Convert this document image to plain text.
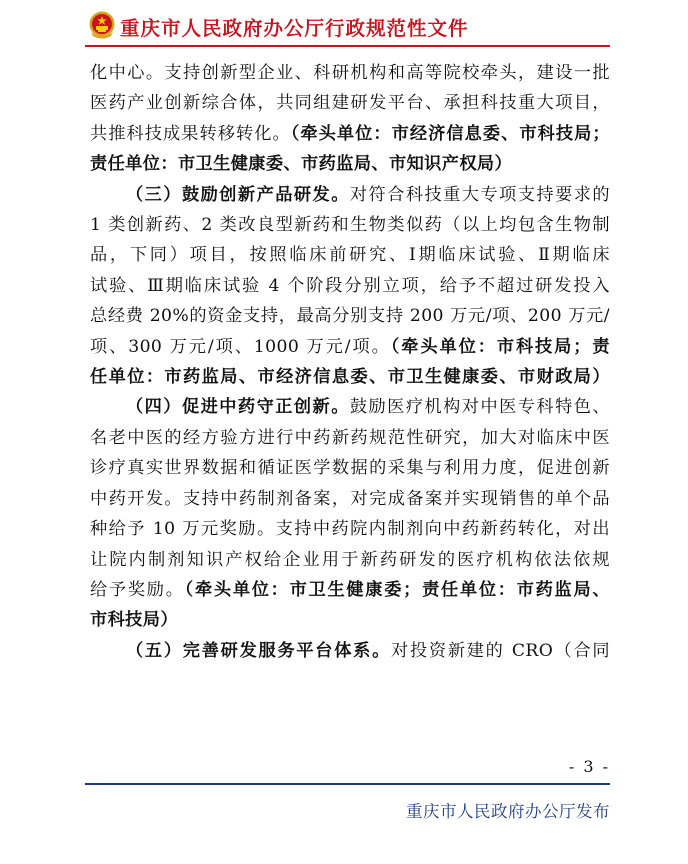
重庆市人民政府办公厅行政规范性文件

化中心。支持创新型企业、科研机构和高等院校牵头，建设一批

医药产业创新综合体，共同组建研发平台、承担科技重大项目，

共推科技成果转移转化。（牵头单位：市经济信息委、市科技局；

责任单位：市卫生健康委、市药监局、市知识产权局）

（三）鼓励创新产品研发。对符合科技重大专项支持要求的

1 类创新药、2 类改良型新药和生物类似药（以上均包含生物制

品，下同）项目，按照临床前研究、Ⅰ期临床试验、Ⅱ期临床

试验、Ⅲ期临床试验 4 个阶段分别立项，给予不超过研发投入

总经费 20%的资金支持，最高分别支持 200 万元/项、200 万元/

项、300 万元/项、1000 万元/项。（牵头单位：市科技局；责

任单位：市药监局、市经济信息委、市卫生健康委、市财政局）

（四）促进中药守正创新。鼓励医疗机构对中医专科特色、

名老中医的经方验方进行中药新药规范性研究，加大对临床中医

诊疗真实世界数据和循证医学数据的采集与利用力度，促进创新

中药开发。支持中药制剂备案，对完成备案并实现销售的单个品

种给予 10 万元奖励。支持中药院内制剂向中药新药转化，对出

让院内制剂知识产权给企业用于新药研发的医疗机构依法依规

给予奖励。（牵头单位：市卫生健康委；责任单位：市药监局、

市科技局）

（五）完善研发服务平台体系。对投资新建的 CRO（合同

- 3 -
重庆市人民政府办公厅发布
